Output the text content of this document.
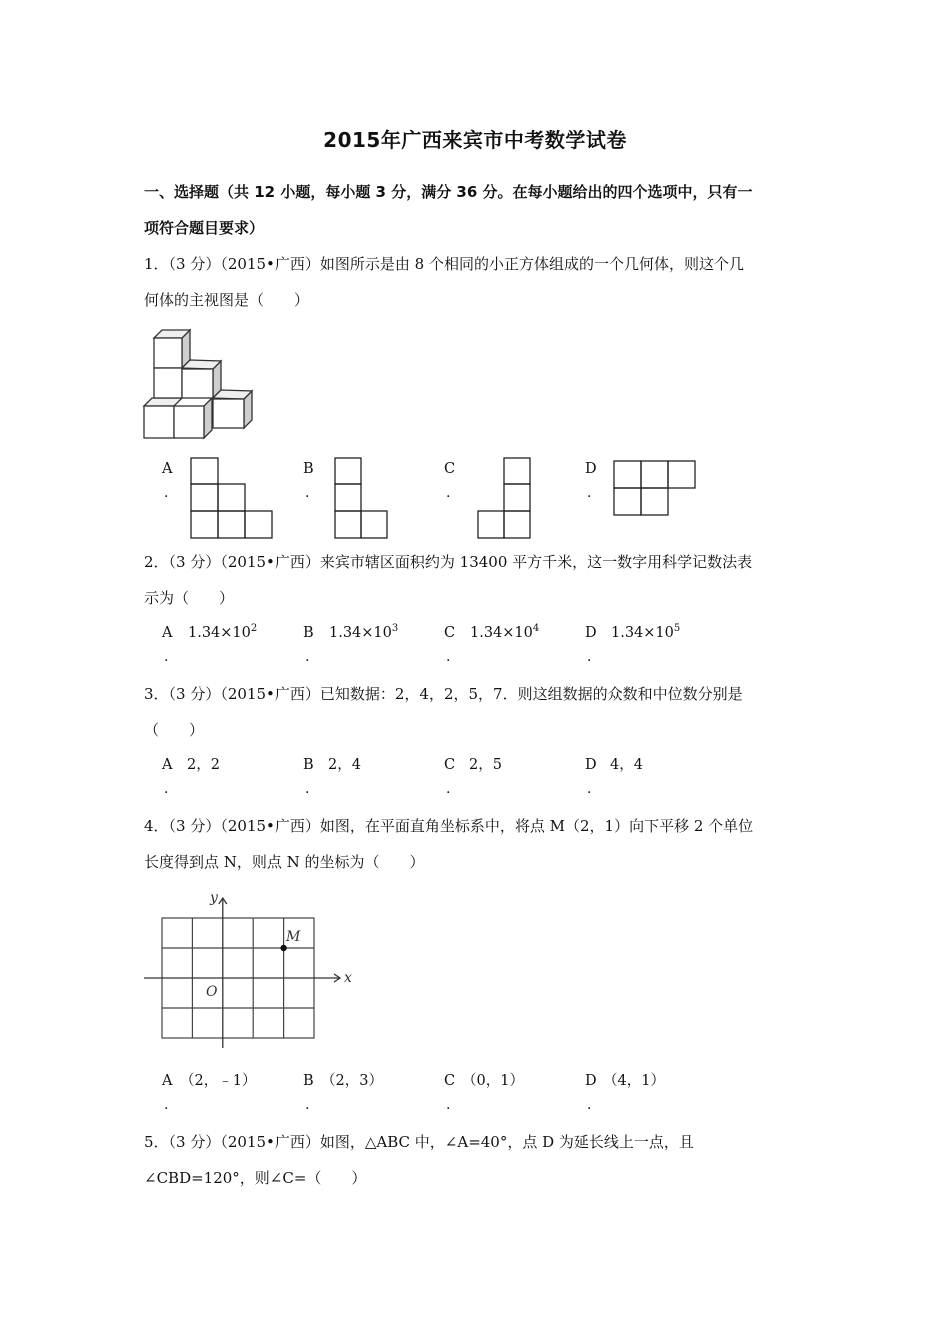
2015年广西来宾市中考数学试卷
一、选择题（共 12 小题，每小题 3 分，满分 36 分。在每小题给出的四个选项中，只有一
项符合题目要求）
1．（3 分）（2015•广西）如图所示是由 8 个相同的小正方体组成的一个几何体，则这个几
何体的主视图是（　　）
A
.
B
.
C
.
D
.
2．（3 分）（2015•广西）来宾市辖区面积约为 13400 平方千米，这一数字用科学记数法表
示为（　　）
A
.
$1.34\times 10^2$	B
.
$1.34\times 10^3$	C
.
$1.34\times 10^4$	D
.
$1.34\times 10^5$
3．（3 分）（2015•广西）已知数据：2，4，2，5，7．则这组数据的众数和中位数分别是
（　　）
A
.
2，2	B
.
2，4	C
.
2，5	D
.
4，4
4．（3 分）（2015•广西）如图，在平面直角坐标系中，将点 M（2，1）向下平移 2 个单位
长度得到点 N，则点 N 的坐标为（　　）
x
y
O
M
A
.
（2，﹣1）	B
.
（2，3）	C
.
（0，1）	D
.
（4，1）
5．（3 分）（2015•广西）如图，△ABC 中，∠A=40°，点 D 为延长线上一点，且
∠CBD=120°，则∠C=（　　）
